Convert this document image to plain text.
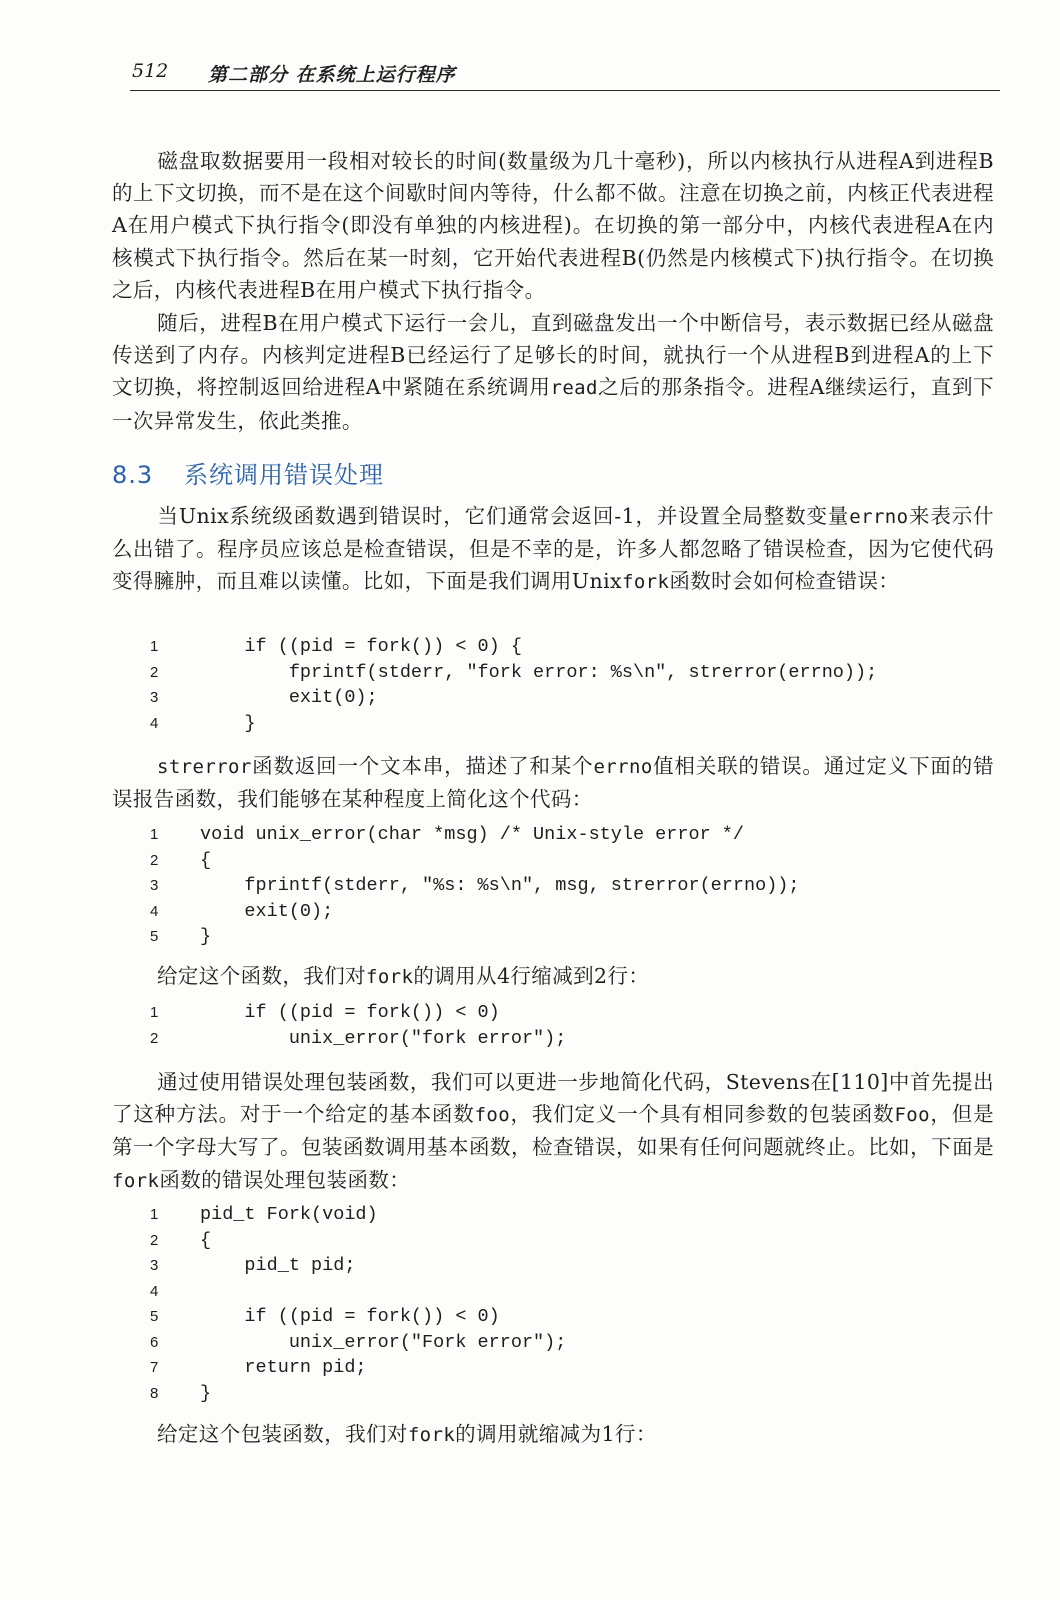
512 第二部分 在系统上运行程序
磁盘取数据要用一段相对较长的时间(数量级为几十毫秒)，所以内核执行从进程A到进程B的上下文切换，而不是在这个间歇时间内等待，什么都不做。注意在切换之前，内核正代表进程A在用户模式下执行指令(即没有单独的内核进程)。在切换的第一部分中，内核代表进程A在内核模式下执行指令。然后在某一时刻，它开始代表进程B(仍然是内核模式下)执行指令。在切换之后，内核代表进程B在用户模式下执行指令。
随后，进程B在用户模式下运行一会儿，直到磁盘发出一个中断信号，表示数据已经从磁盘传送到了内存。内核判定进程B已经运行了足够长的时间，就执行一个从进程B到进程A的上下文切换，将控制返回给进程A中紧随在系统调用read之后的那条指令。进程A继续运行，直到下一次异常发生，依此类推。
8.3 系统调用错误处理
当Unix系统级函数遇到错误时，它们通常会返回-1，并设置全局整数变量errno来表示什么出错了。程序员应该总是检查错误，但是不幸的是，许多人都忽略了错误检查，因为它使代码变得臃肿，而且难以读懂。比如，下面是我们调用Unixfork函数时会如何检查错误：
1	if ((pid = fork()) < 0) {
2	fprintf(stderr, "fork error: %s\n", strerror(errno));
3	exit(0);
4	}
strerror函数返回一个文本串，描述了和某个errno值相关联的错误。通过定义下面的错误报告函数，我们能够在某种程度上简化这个代码：
1	void unix_error(char *msg) /* Unix-style error */
2	{
3	fprintf(stderr, "%s: %s\n", msg, strerror(errno));
4	exit(0);
5	}
给定这个函数，我们对fork的调用从4行缩减到2行：
1	if ((pid = fork()) < 0)
2	unix_error("fork error");
通过使用错误处理包装函数，我们可以更进一步地简化代码，Stevens在[110]中首先提出了这种方法。对于一个给定的基本函数foo，我们定义一个具有相同参数的包装函数Foo，但是第一个字母大写了。包装函数调用基本函数，检查错误，如果有任何问题就终止。比如，下面是fork函数的错误处理包装函数：
1	pid_t Fork(void)
2	{
3	pid_t pid;
4
5	if ((pid = fork()) < 0)
6	unix_error("Fork error");
7	return pid;
8	}
给定这个包装函数，我们对fork的调用就缩减为1行：
